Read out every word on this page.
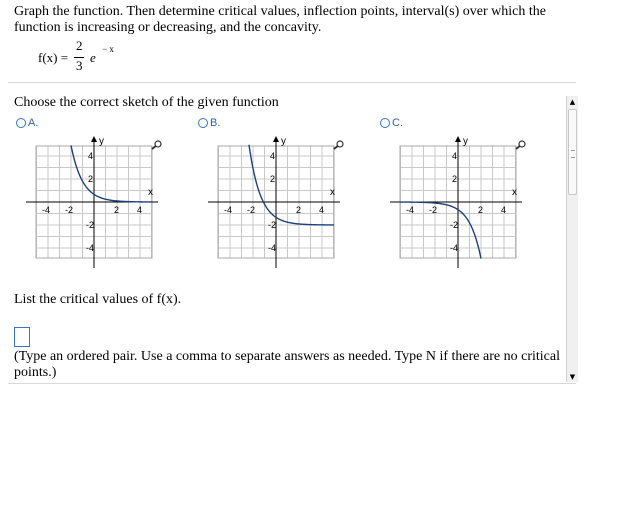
Graph the function. Then determine critical values, inflection points, interval(s) over which the function is increasing or decreasing, and the concavity.
f(x) =
2
3
e
− x
Choose the correct sketch of the given function
A.	B.	C.
y
x
-4 -2	2 4
4
2
-2
-4
y
x
-4 -2	2 4
4
2
-2
-4
y
x
-4 -2	2 4
4
2
-2
-4
List the critical values of f(x).
(Type an ordered pair. Use a comma to separate answers as needed. Type N if there are no critical points.)
▲
▼
